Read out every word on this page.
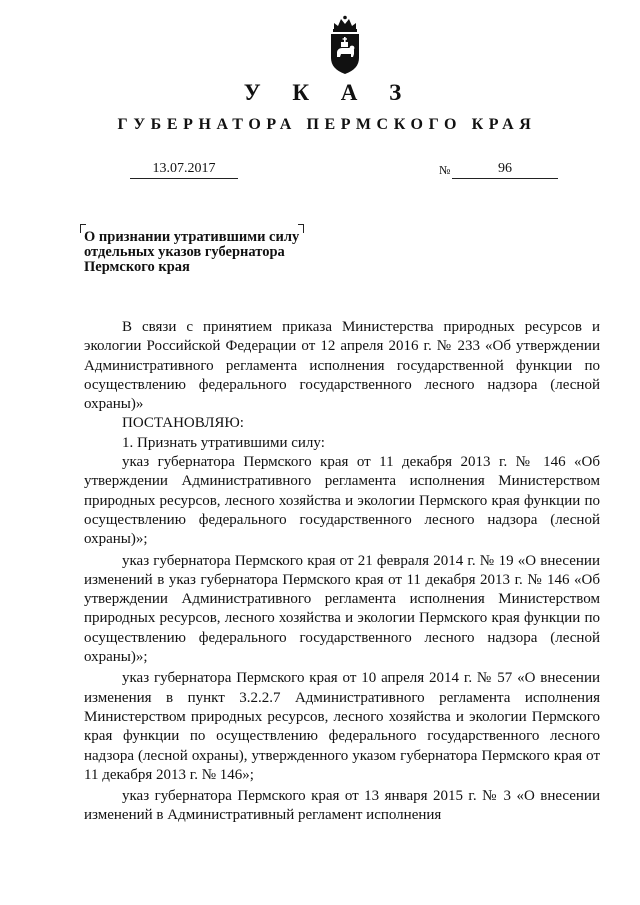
У К А З
ГУБЕРНАТОРА ПЕРМСКОГО КРАЯ
13.07.2017	№	96
О признании утратившими силу
отдельных указов губернатора
Пермского края

В связи с принятием приказа Министерства природных ресурсов и экологии Российской Федерации от 12 апреля 2016 г. № 233 «Об утверждении Административного регламента исполнения государственной функции по осуществлению федерального государственного лесного надзора (лесной охраны)»

ПОСТАНОВЛЯЮ:

1. Признать утратившими силу:

указ губернатора Пермского края от 11 декабря 2013 г. № 146 «Об утверждении Административного регламента исполнения Министерством природных ресурсов, лесного хозяйства и экологии Пермского края функции по осуществлению федерального государственного лесного надзора (лесной охраны)»;

указ губернатора Пермского края от 21 февраля 2014 г. № 19 «О внесении изменений в указ губернатора Пермского края от 11 декабря 2013 г. № 146 «Об утверждении Административного регламента исполнения Министерством природных ресурсов, лесного хозяйства и экологии Пермского края функции по осуществлению федерального государственного лесного надзора (лесной охраны)»;

указ губернатора Пермского края от 10 апреля 2014 г. № 57 «О внесении изменения в пункт 3.2.2.7 Административного регламента исполнения Министерством природных ресурсов, лесного хозяйства и экологии Пермского края функции по осуществлению федерального государственного лесного надзора (лесной охраны), утвержденного указом губернатора Пермского края от 11 декабря 2013 г. № 146»;

указ губернатора Пермского края от 13 января 2015 г. № 3 «О внесении изменений в Административный регламент исполнения
